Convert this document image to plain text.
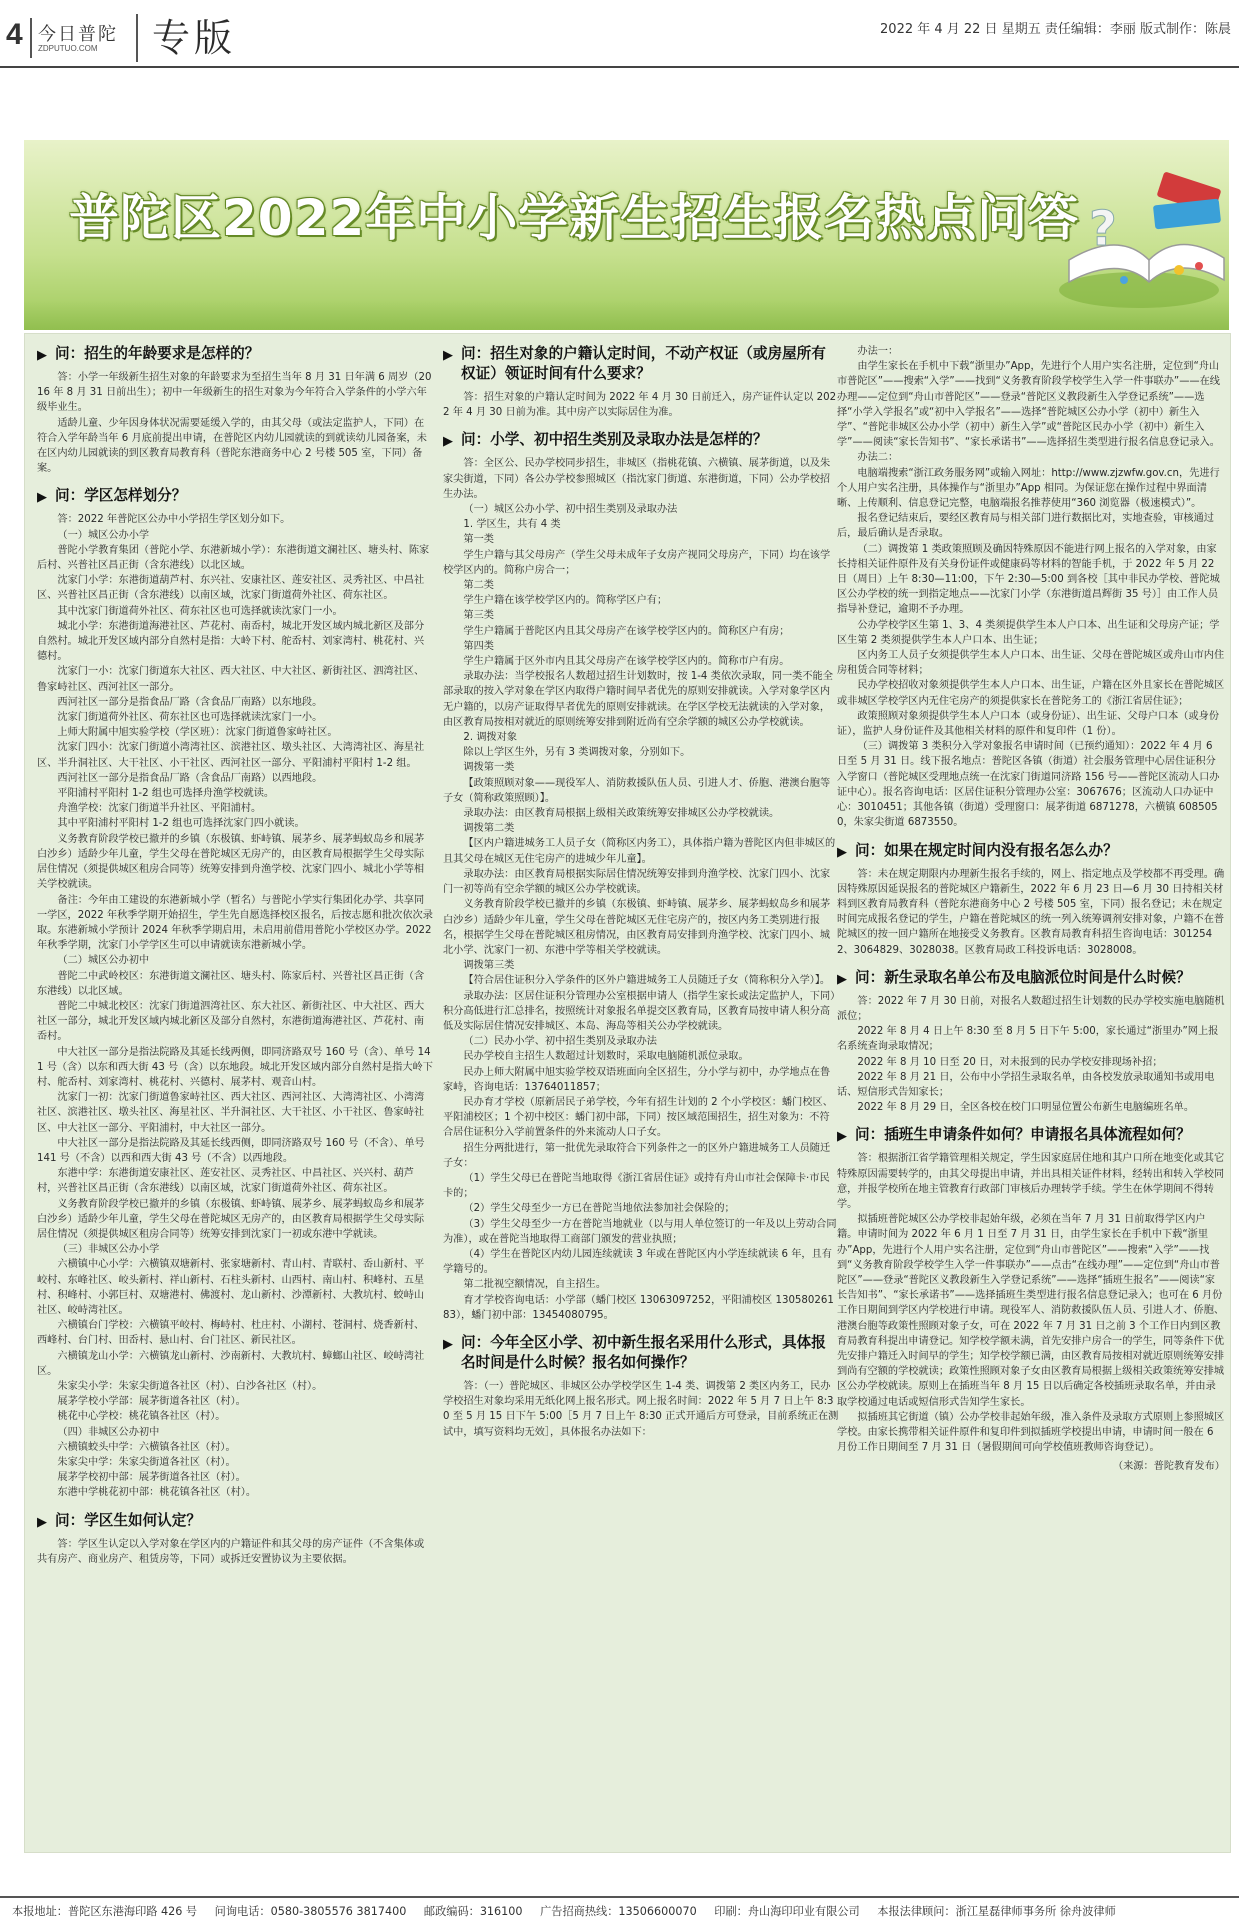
4 今日普陀
ZDPUTUO.COM	专版	2022 年 4 月 22 日 星期五 责任编辑：李丽 版式制作：陈晨
普陀区2022年中小学新生招生报名热点问答 ?
▶ 问：招生的年龄要求是怎样的？

答：小学一年级新生招生对象的年龄要求为至招生当年 8 月 31 日年满 6 周岁（2016 年 8 月 31 日前出生）；初中一年级新生的招生对象为今年符合入学条件的小学六年级毕业生。

适龄儿童、少年因身体状况需要延缓入学的，由其父母（或法定监护人，下同）在符合入学年龄当年 6 月底前提出申请，在普陀区内幼儿园就读的到就读幼儿园备案，未在区内幼儿园就读的到区教育局教育科（普陀东港商务中心 2 号楼 505 室，下同）备案。

▶ 问：学区怎样划分？

答：2022 年普陀区公办中小学招生学区划分如下。

（一）城区公办小学

普陀小学教育集团（普陀小学、东港新城小学）：东港街道文澜社区、塘头村、陈家后村、兴普社区昌正街（含东港线）以北区域。

沈家门小学：东港街道葫芦村、东兴社、安康社区、莲安社区、灵秀社区、中昌社区、兴普社区昌正街（含东港线）以南区域，沈家门街道荷外社区、荷东社区。

其中沈家门街道荷外社区、荷东社区也可选择就读沈家门一小。

城北小学：东港街道海港社区、芦花村、南岙村，城北开发区域内城北新区及部分自然村。城北开发区域内部分自然村是指：大岭下村、舵岙村、刘家湾村、桃花村、兴德村。

沈家门一小：沈家门街道东大社区、西大社区、中大社区、新街社区、泗湾社区、鲁家峙社区、西河社区一部分。

西河社区一部分是指食品厂路（含食品厂南路）以东地段。

沈家门街道荷外社区、荷东社区也可选择就读沈家门一小。

上师大附属中旭实验学校（学区班）：沈家门街道鲁家峙社区。

沈家门四小：沈家门街道小湾湾社区、滨港社区、墩头社区、大湾湾社区、海星社区、半升洞社区、大干社区、小干社区、西河社区一部分、平阳浦村平阳村 1-2 组。

西河社区一部分是指食品厂路（含食品厂南路）以西地段。

平阳浦村平阳村 1-2 组也可选择舟渔学校就读。

舟渔学校：沈家门街道半升社区、平阳浦村。

其中平阳浦村平阳村 1-2 组也可选择沈家门四小就读。

义务教育阶段学校已撤并的乡镇（东极镇、虾峙镇、展茅乡、展茅蚂蚁岛乡和展茅白沙乡）适龄少年儿童，学生父母在普陀城区无房产的，由区教育局根据学生父母实际居住情况（须提供城区租房合同等）统筹安排到舟渔学校、沈家门四小、城北小学等相关学校就读。

备注：今年由工建设的东港新城小学（暂名）与普陀小学实行集团化办学、共享同一学区，2022 年秋季学期开始招生，学生先自愿选择校区报名，后按志愿和批次依次录取。东港新城小学预计 2024 年秋季学期启用，未启用前借用普陀小学校区办学。2022 年秋季学期，沈家门小学学区生可以申请就读东港新城小学。

（二）城区公办初中

普陀二中武岭校区：东港街道文澜社区、塘头村、陈家后村、兴普社区昌正街（含东港线）以北区域。

普陀二中城北校区：沈家门街道泗湾社区、东大社区、新街社区、中大社区、西大社区一部分，城北开发区域内城北新区及部分自然村，东港街道海港社区、芦花村、南岙村。

中大社区一部分是指法院路及其延长线两侧，即同济路双号 160 号（含）、单号 141 号（含）以东和西大街 43 号（含）以东地段。城北开发区域内部分自然村是指大岭下村、舵岙村、刘家湾村、桃花村、兴德村、展茅村、观音山村。

沈家门一初：沈家门街道鲁家峙社区、西大社区、西河社区、大湾湾社区、小湾湾社区、滨港社区、墩头社区、海星社区、半升洞社区、大干社区、小干社区、鲁家峙社区、中大社区一部分、平阳浦村，中大社区一部分。

中大社区一部分是指法院路及其延长线西侧，即同济路双号 160 号（不含）、单号 141 号（不含）以西和西大街 43 号（不含）以西地段。

东港中学：东港街道安康社区、莲安社区、灵秀社区、中昌社区、兴兴村、葫芦村，兴普社区昌正街（含东港线）以南区域，沈家门街道荷外社区、荷东社区。

义务教育阶段学校已撤并的乡镇（东极镇、虾峙镇、展茅乡、展茅蚂蚁岛乡和展茅白沙乡）适龄少年儿童，学生父母在普陀城区无房产的，由区教育局根据学生父母实际居住情况（须提供城区租房合同等）统筹安排到沈家门一初或东港中学就读。

（三）非城区公办小学

六横镇中心小学：六横镇双塘新村、张家塘新村、青山村、青联村、岙山新村、平峧村、东峰社区、峧头新村、祥山新村、石柱头新村、山西村、南山村、积峰村、五星村、积峰村、小郭巨村、双塘港村、佛渡村、龙山新村、沙潭新村、大教坑村、蛟峙山社区、峧峙湾社区。

六横镇台门学校：六横镇平峧村、梅峙村、杜庄村、小湖村、苍洞村、烧香新村、西峰村、台门村、田岙村、悬山村、台门社区、新民社区。

六横镇龙山小学：六横镇龙山新村、沙南新村、大教坑村、蟑螂山社区、峧峙湾社区。

朱家尖小学：朱家尖街道各社区（村）、白沙各社区（村）。

展茅学校小学部：展茅街道各社区（村）。

桃花中心学校：桃花镇各社区（村）。

（四）非城区公办初中

六横镇蛟头中学：六横镇各社区（村）。

朱家尖中学：朱家尖街道各社区（村）。

展茅学校初中部：展茅街道各社区（村）。

东港中学桃花初中部：桃花镇各社区（村）。

▶ 问：学区生如何认定？

答：学区生认定以入学对象在学区内的户籍证件和其父母的房产证件（不含集体或共有房产、商业房产、租赁房等，下同）或拆迁安置协议为主要依据。

▶ 问：招生对象的户籍认定时间，不动产权证（或房屋所有权证）领证时间有什么要求？

答：招生对象的户籍认定时间为 2022 年 4 月 30 日前迁入，房产证件认定以 2022 年 4 月 30 日前为准。其中房产以实际居住为准。

▶ 问：小学、初中招生类别及录取办法是怎样的？

答：全区公、民办学校同步招生，非城区（指桃花镇、六横镇、展茅街道，以及朱家尖街道，下同）各公办学校参照城区（指沈家门街道、东港街道，下同）公办学校招生办法。

（一）城区公办小学、初中招生类别及录取办法

1. 学区生，共有 4 类

第一类

学生户籍与其父母房产（学生父母未成年子女房产视同父母房产，下同）均在该学校学区内的。简称户房合一；

第二类

学生户籍在该学校学区内的。简称学区户有；

第三类

学生户籍属于普陀区内且其父母房产在该学校学区内的。简称区户有房；

第四类

学生户籍属于区外市内且其父母房产在该学校学区内的。简称市户有房。

录取办法：当学校报名人数超过招生计划数时，按 1-4 类依次录取，同一类不能全部录取的按入学对象在学区内取得户籍时间早者优先的原则安排就读。入学对象学区内无户籍的，以房产证取得早者优先的原则安排就读。在学区学校无法就读的入学对象，由区教育局按相对就近的原则统筹安排到附近尚有空余学额的城区公办学校就读。

2. 调拨对象

除以上学区生外，另有 3 类调拨对象，分别如下。

调拨第一类

【政策照顾对象——现役军人、消防救援队伍人员、引进人才、侨胞、港澳台胞等子女（简称政策照顾）】。

录取办法：由区教育局根据上级相关政策统筹安排城区公办学校就读。

调拨第二类

【区内户籍进城务工人员子女（简称区内务工），具体指户籍为普陀区内但非城区的且其父母在城区无住宅房产的进城少年儿童】。

录取办法：由区教育局根据实际居住情况统筹安排到舟渔学校、沈家门四小、沈家门一初等尚有空余学额的城区公办学校就读。

义务教育阶段学校已撤并的乡镇（东极镇、虾峙镇、展茅乡、展茅蚂蚁岛乡和展茅白沙乡）适龄少年儿童，学生父母在普陀城区无住宅房产的，按区内务工类别进行报名，根据学生父母在普陀城区租房情况，由区教育局安排到舟渔学校、沈家门四小、城北小学、沈家门一初、东港中学等相关学校就读。

调拨第三类

【符合居住证积分入学条件的区外户籍进城务工人员随迁子女（简称积分入学）】。

录取办法：区居住证积分管理办公室根据申请人（指学生家长或法定监护人，下同）积分高低进行汇总排名，按照统计对象报名单提交区教育局，区教育局按申请人积分高低及实际居住情况安排城区、本岛、海岛等相关公办学校就读。

（二）民办小学、初中招生类别及录取办法

民办学校自主招生人数超过计划数时，采取电脑随机派位录取。

民办上师大附属中旭实验学校双语班面向全区招生，分小学与初中，办学地点在鲁家峙，咨询电话：13764011857；

民办育才学校（原新居民子弟学校，今年有招生计划的 2 个小学校区：蟠门校区、平阳浦校区；1 个初中校区：蟠门初中部，下同）按区域范围招生，招生对象为：不符合居住证积分入学前置条件的外来流动人口子女。

招生分两批进行，第一批优先录取符合下列条件之一的区外户籍进城务工人员随迁子女：

（1）学生父母已在普陀当地取得《浙江省居住证》或持有舟山市社会保障卡·市民卡的；

（2）学生父母至少一方已在普陀当地依法参加社会保险的；

（3）学生父母至少一方在普陀当地就业（以与用人单位签订的一年及以上劳动合同为准），或在普陀当地取得工商部门颁发的营业执照；

（4）学生在普陀区内幼儿园连续就读 3 年或在普陀区内小学连续就读 6 年，且有学籍号的。

第二批视空额情况，自主招生。

育才学校咨询电话：小学部（蟠门校区 13063097252，平阳浦校区 13058026183），蟠门初中部：13454080795。

▶ 问：今年全区小学、初中新生报名采用什么形式，具体报名时间是什么时候？报名如何操作？

答：（一）普陀城区、非城区公办学校学区生 1-4 类、调拨第 2 类区内务工，民办学校招生对象均采用无纸化网上报名形式。网上报名时间：2022 年 5 月 7 日上午 8:30 至 5 月 15 日下午 5:00［5 月 7 日上午 8:30 正式开通后方可登录，目前系统正在测试中，填写资料均无效］，具体报名办法如下：

办法一：

由学生家长在手机中下载“浙里办”App，先进行个人用户实名注册，定位到“舟山市普陀区”——搜索“入学”——找到“义务教育阶段学校学生入学一件事联办”——在线办理——定位到“舟山市普陀区”——登录“普陀区义教段新生入学登记系统”——选择“小学入学报名”或“初中入学报名”——选择“普陀城区公办小学（初中）新生入学”、“普陀非城区公办小学（初中）新生入学”或“普陀区民办小学（初中）新生入学”——阅读“家长告知书”、“家长承诺书”——选择招生类型进行报名信息登记录入。

办法二：

电脑端搜索“浙江政务服务网”或输入网址：http://www.zjzwfw.gov.cn，先进行个人用户实名注册，具体操作与“浙里办”App 相同。为保证您在操作过程中界面清晰、上传顺利、信息登记完整，电脑端报名推荐使用“360 浏览器（极速模式）”。

报名登记结束后，要经区教育局与相关部门进行数据比对，实地查验，审核通过后，最后确认是否录取。

（二）调拨第 1 类政策照顾及确因特殊原因不能进行网上报名的入学对象，由家长持相关证件原件及有关身份证件或健康码等材料的智能手机，于 2022 年 5 月 22 日（周日）上午 8:30—11:00，下午 2:30—5:00 到各校［其中非民办学校、普陀城区公办学校的统一到指定地点——沈家门小学（东港街道昌辉街 35 号）］由工作人员指导补登记，逾期不予办理。

公办学校学区生第 1、3、4 类须提供学生本人户口本、出生证和父母房产证；学区生第 2 类须提供学生本人户口本、出生证；

区内务工人员子女须提供学生本人户口本、出生证、父母在普陀城区或舟山市内住房租赁合同等材料；

民办学校招收对象须提供学生本人户口本、出生证，户籍在区外且家长在普陀城区或非城区学校学区内无住宅房产的须提供家长在普陀务工的《浙江省居住证》；

政策照顾对象须提供学生本人户口本（或身份证）、出生证、父母户口本（或身份证），监护人身份证件及其他相关材料的原件和复印件（1 份）。

（三）调拨第 3 类积分入学对象报名申请时间（已预约通知）：2022 年 4 月 6 日至 5 月 31 日。线下报名地点：普陀区各镇（街道）社会服务管理中心居住证积分入学窗口（普陀城区受理地点统一在沈家门街道同济路 156 号——普陀区流动人口办证中心）。报名咨询电话：区居住证积分管理办公室：3067676；区流动人口办证中心：3010451；其他各镇（街道）受理窗口：展茅街道 6871278，六横镇 6085050，朱家尖街道 6873550。

▶ 问：如果在规定时间内没有报名怎么办？

答：未在规定期限内办理新生报名手续的，网上、指定地点及学校都不再受理。确因特殊原因延误报名的普陀城区户籍新生，2022 年 6 月 23 日—6 月 30 日持相关材料到区教育局教育科（普陀东港商务中心 2 号楼 505 室，下同）报名登记；未在规定时间完成报名登记的学生，户籍在普陀城区的统一列入统筹调剂安排对象，户籍不在普陀城区的按一回户籍所在地接受义务教育。区教育局教育科招生咨询电话：3012542、3064829、3028038。区教育局政工科投诉电话：3028008。

▶ 问：新生录取名单公布及电脑派位时间是什么时候？

答：2022 年 7 月 30 日前，对报名人数超过招生计划数的民办学校实施电脑随机派位；

2022 年 8 月 4 日上午 8:30 至 8 月 5 日下午 5:00，家长通过“浙里办”网上报名系统查询录取情况；

2022 年 8 月 10 日至 20 日，对未报到的民办学校安排现场补招；

2022 年 8 月 21 日，公布中小学招生录取名单，由各校发放录取通知书或用电话、短信形式告知家长；

2022 年 8 月 29 日，全区各校在校门口明显位置公布新生电脑编班名单。

▶ 问：插班生申请条件如何？申请报名具体流程如何？

答：根据浙江省学籍管理相关规定，学生因家庭居住地和其户口所在地变化或其它特殊原因需要转学的，由其父母提出申请，并出具相关证件材料，经转出和转入学校同意，并报学校所在地主管教育行政部门审核后办理转学手续。学生在休学期间不得转学。

拟插班普陀城区公办学校非起始年级，必须在当年 7 月 31 日前取得学区内户籍。申请时间为 2022 年 6 月 1 日至 7 月 31 日，由学生家长在手机中下载“浙里办”App，先进行个人用户实名注册，定位到“舟山市普陀区”——搜索“入学”——找到“义务教育阶段学校学生入学一件事联办”——点击“在线办理”——定位到“舟山市普陀区”——登录“普陀区义教段新生入学登记系统”——选择“插班生报名”——阅读“家长告知书”、“家长承诺书”——选择插班生类型进行报名信息登记录入；也可在 6 月份工作日期间到学区内学校进行申请。现役军人、消防救援队伍人员、引进人才、侨胞、港澳台胞等政策性照顾对象子女，可在 2022 年 7 月 31 日之前 3 个工作日内到区教育局教育科提出申请登记。知学校学额未满，首先安排户房合一的学生，同等条件下优先安排户籍迁入时间早的学生；知学校学额已满，由区教育局按相对就近原则统筹安排到尚有空额的学校就读；政策性照顾对象子女由区教育局根据上级相关政策统筹安排城区公办学校就读。原则上在插班当年 8 月 15 日以后确定各校插班录取名单，并由录取学校通过电话或短信形式告知学生家长。

拟插班其它街道（镇）公办学校非起始年级，准入条件及录取方式原则上参照城区学校。由家长携带相关证件原件和复印件到拟插班学校提出申请，申请时间一般在 6 月份工作日期间至 7 月 31 日（暑假期间可向学校值班教师咨询登记）。

（来源：普陀教育发布）
本报地址：普陀区东港海印路 426 号 问询电话：0580-3805576 3817400 邮政编码：316100 广告招商热线：13506600070 印刷：舟山海印印业有限公司 本报法律顾问：浙江星磊律师事务所 徐舟波律师
